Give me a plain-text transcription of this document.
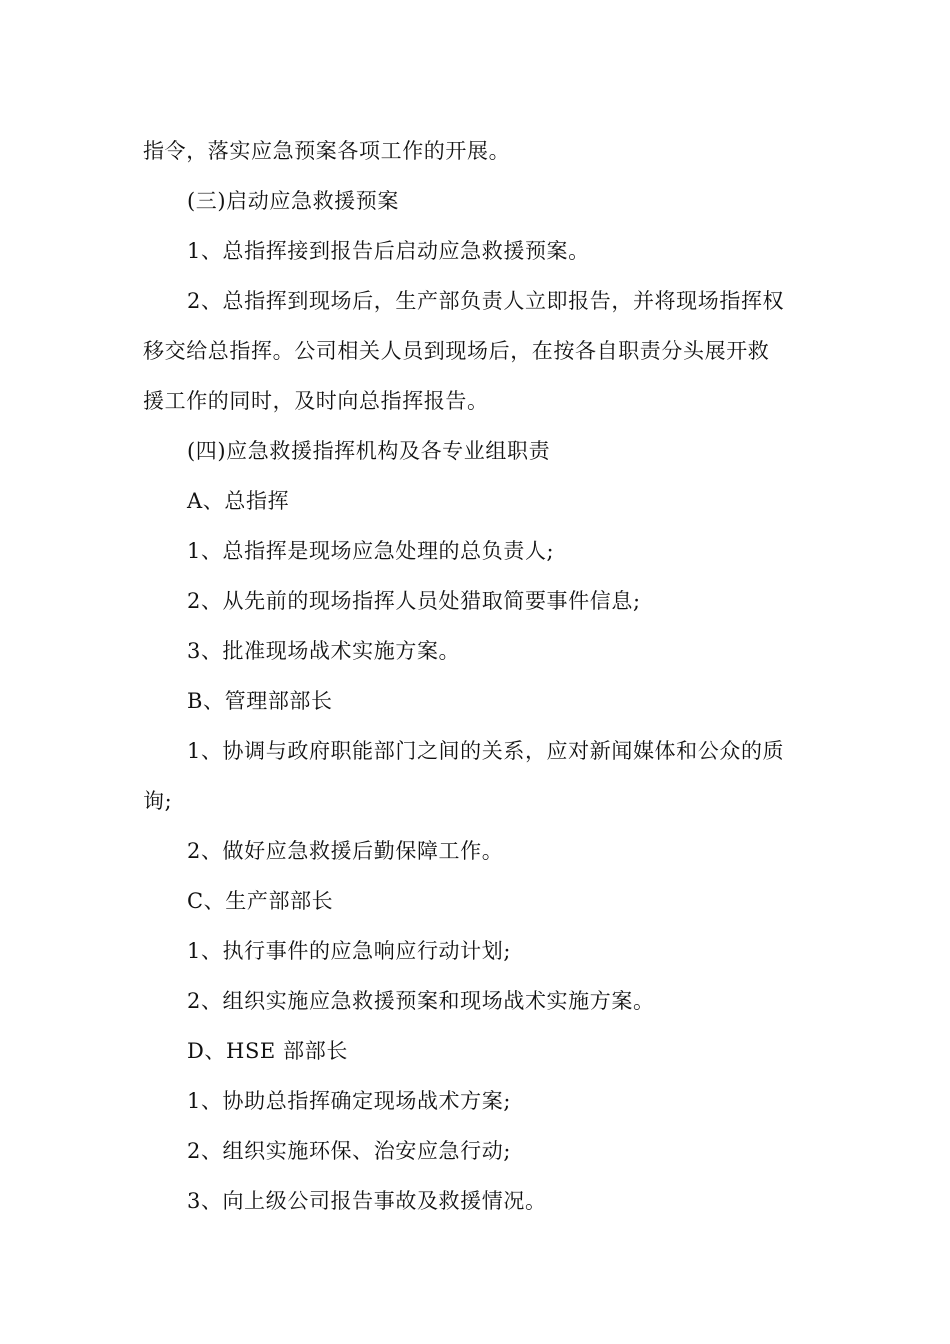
指令，落实应急预案各项工作的开展。
(三)启动应急救援预案
1、总指挥接到报告后启动应急救援预案。
2、总指挥到现场后，生产部负责人立即报告，并将现场指挥权
移交给总指挥。公司相关人员到现场后，在按各自职责分头展开救
援工作的同时，及时向总指挥报告。
(四)应急救援指挥机构及各专业组职责
A、总指挥
1、总指挥是现场应急处理的总负责人;
2、从先前的现场指挥人员处猎取简要事件信息;
3、批准现场战术实施方案。
B、管理部部长
1、协调与政府职能部门之间的关系，应对新闻媒体和公众的质
询;
2、做好应急救援后勤保障工作。
C、生产部部长
1、执行事件的应急响应行动计划;
2、组织实施应急救援预案和现场战术实施方案。
D、HSE 部部长
1、协助总指挥确定现场战术方案;
2、组织实施环保、治安应急行动;
3、向上级公司报告事故及救援情况。
